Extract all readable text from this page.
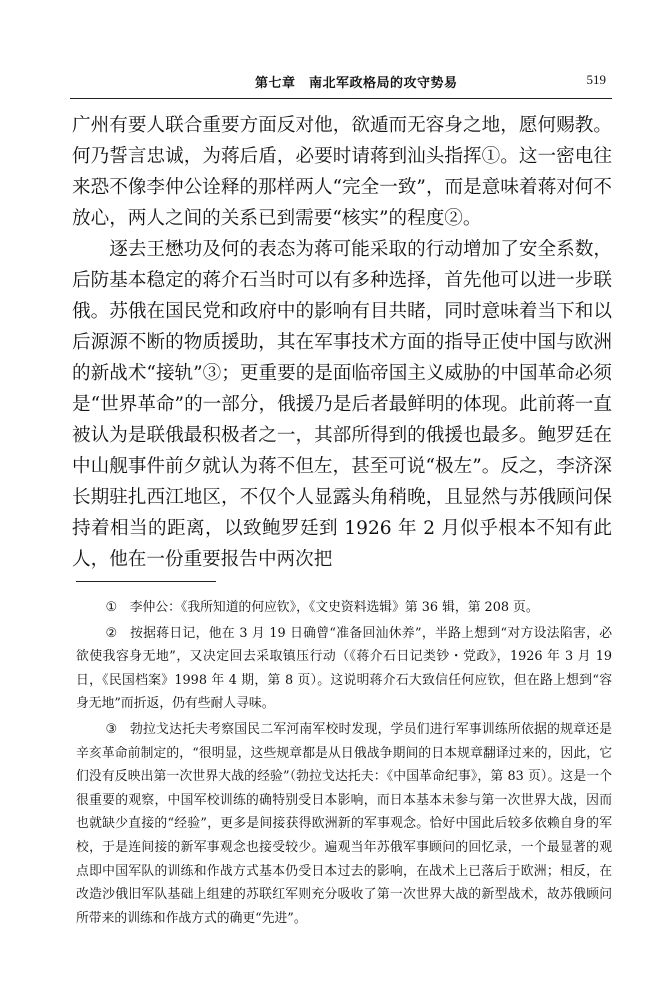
第七章　南北军政格局的攻守势易	519

广州有要人联合重要方面反对他，欲遁而无容身之地，愿何赐教。何乃誓言忠诚，为蒋后盾，必要时请蒋到汕头指挥①。这一密电往来恐不像李仲公诠释的那样两人“完全一致”，而是意味着蒋对何不放心，两人之间的关系已到需要“核实”的程度②。

逐去王懋功及何的表态为蒋可能采取的行动增加了安全系数，后防基本稳定的蒋介石当时可以有多种选择，首先他可以进一步联俄。苏俄在国民党和政府中的影响有目共睹，同时意味着当下和以后源源不断的物质援助，其在军事技术方面的指导正使中国与欧洲的新战术“接轨”③；更重要的是面临帝国主义威胁的中国革命必须是“世界革命”的一部分，俄援乃是后者最鲜明的体现。此前蒋一直被认为是联俄最积极者之一，其部所得到的俄援也最多。鲍罗廷在中山舰事件前夕就认为蒋不但左，甚至可说“极左”。反之，李济深长期驻扎西江地区，不仅个人显露头角稍晚，且显然与苏俄顾问保持着相当的距离，以致鲍罗廷到 1926 年 2 月似乎根本不知有此人，他在一份重要报告中两次把

① 李仲公：《我所知道的何应钦》，《文史资料选辑》第 36 辑，第 208 页。

② 按据蒋日记，他在 3 月 19 日确曾“准备回汕休养”，半路上想到“对方设法陷害，必欲使我容身无地”，又决定回去采取镇压行动（《蒋介石日记类钞・党政》，1926 年 3 月 19 日，《民国档案》1998 年 4 期，第 8 页）。这说明蒋介石大致信任何应钦，但在路上想到“容身无地”而折返，仍有些耐人寻味。

③ 勃拉戈达托夫考察国民二军河南军校时发现，学员们进行军事训练所依据的规章还是辛亥革命前制定的，“很明显，这些规章都是从日俄战争期间的日本规章翻译过来的，因此，它们没有反映出第一次世界大战的经验”（勃拉戈达托夫：《中国革命纪事》，第 83 页）。这是一个很重要的观察，中国军校训练的确特别受日本影响，而日本基本未参与第一次世界大战，因而也就缺少直接的“经验”，更多是间接获得欧洲新的军事观念。恰好中国此后较多依赖自身的军校，于是连间接的新军事观念也接受较少。遍观当年苏俄军事顾问的回忆录，一个最显著的观点即中国军队的训练和作战方式基本仍受日本过去的影响，在战术上已落后于欧洲；相反，在改造沙俄旧军队基础上组建的苏联红军则充分吸收了第一次世界大战的新型战术，故苏俄顾问所带来的训练和作战方式的确更“先进”。
